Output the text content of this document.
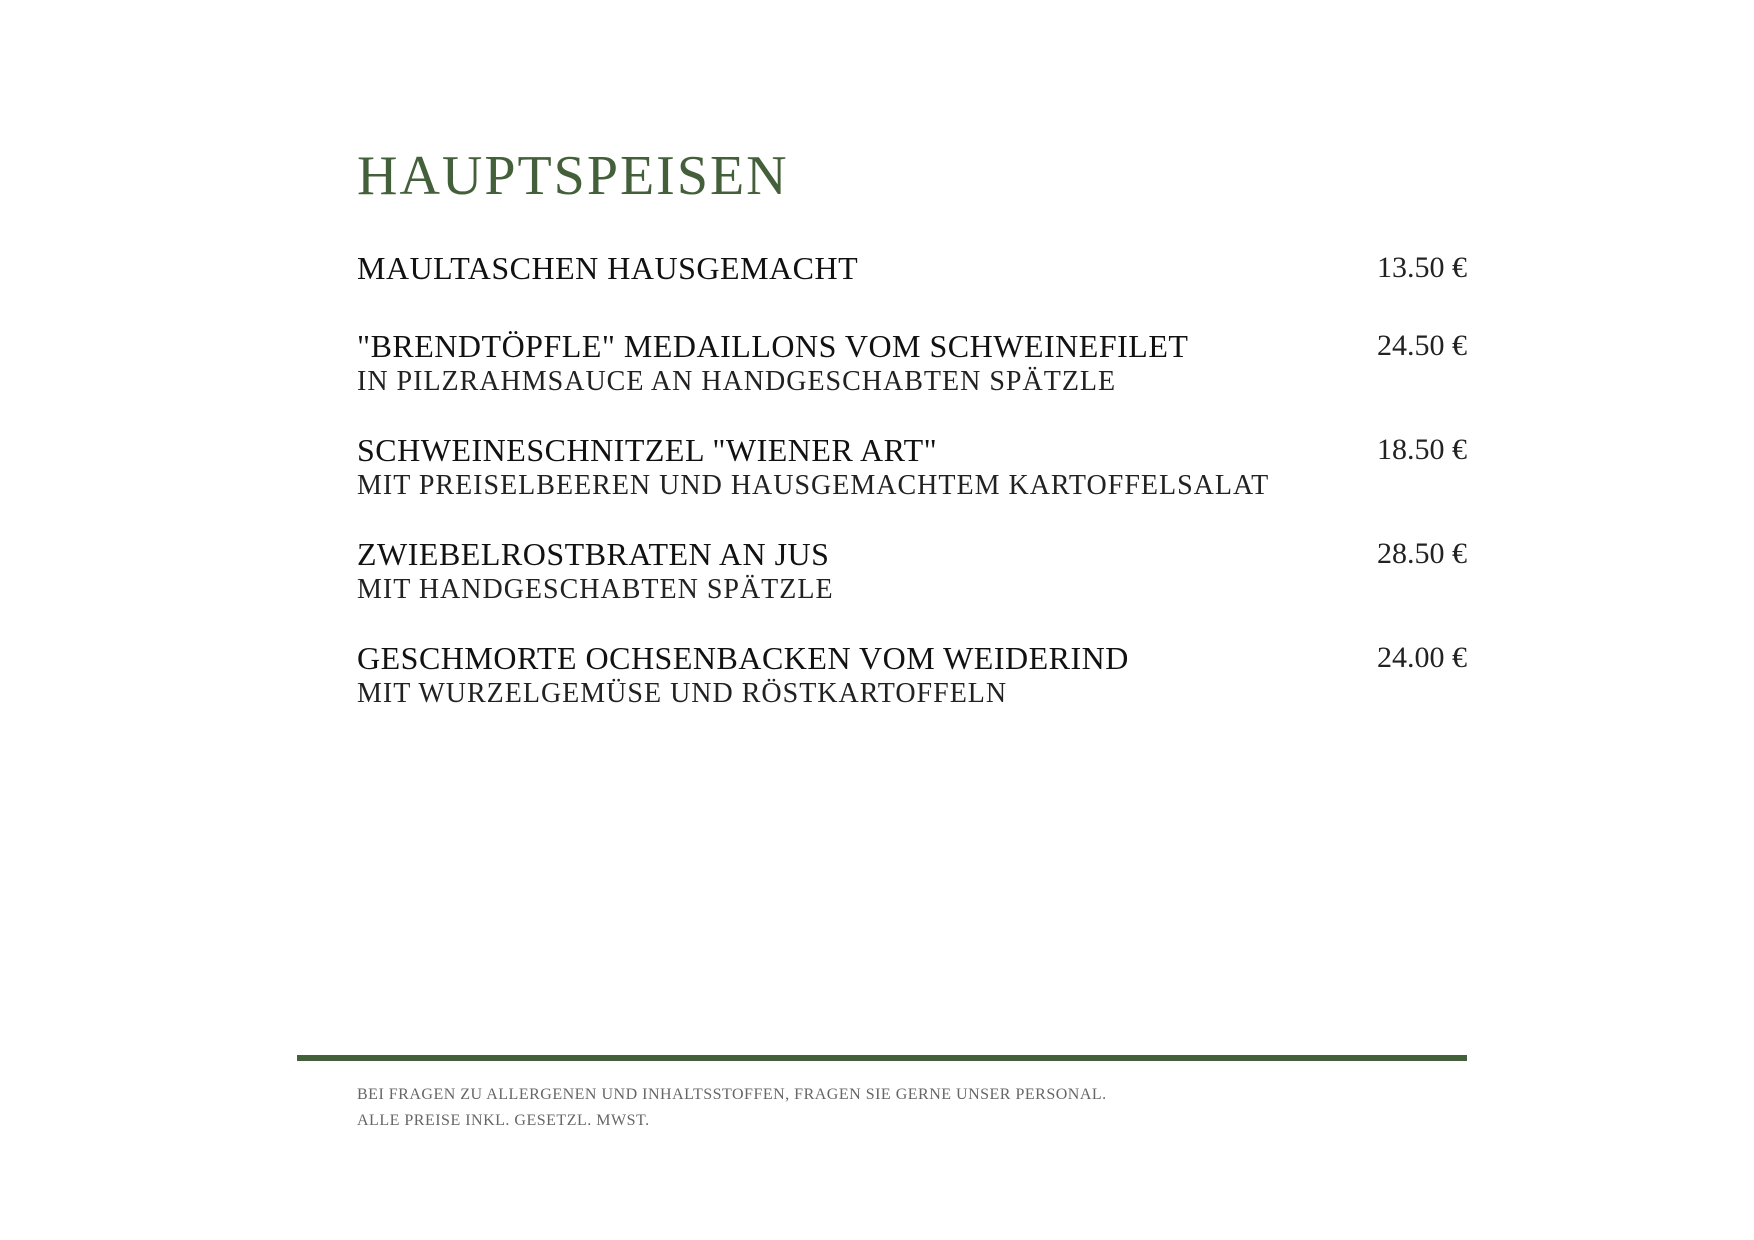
HAUPTSPEISEN
MAULTASCHEN HAUSGEMACHT	13.50 €
"BRENDTÖPFLE" MEDAILLONS VOM SCHWEINEFILET
IN PILZRAHMSAUCE AN HANDGESCHABTEN SPÄTZLE
24.50 €
SCHWEINESCHNITZEL "WIENER ART"
MIT PREISELBEEREN UND HAUSGEMACHTEM KARTOFFELSALAT
18.50 €
ZWIEBELROSTBRATEN AN JUS
MIT HANDGESCHABTEN SPÄTZLE
28.50 €
GESCHMORTE OCHSENBACKEN VOM WEIDERIND
MIT WURZELGEMÜSE UND RÖSTKARTOFFELN
24.00 €
BEI FRAGEN ZU ALLERGENEN UND INHALTSSTOFFEN, FRAGEN SIE GERNE UNSER PERSONAL.
ALLE PREISE INKL. GESETZL. MWST.
